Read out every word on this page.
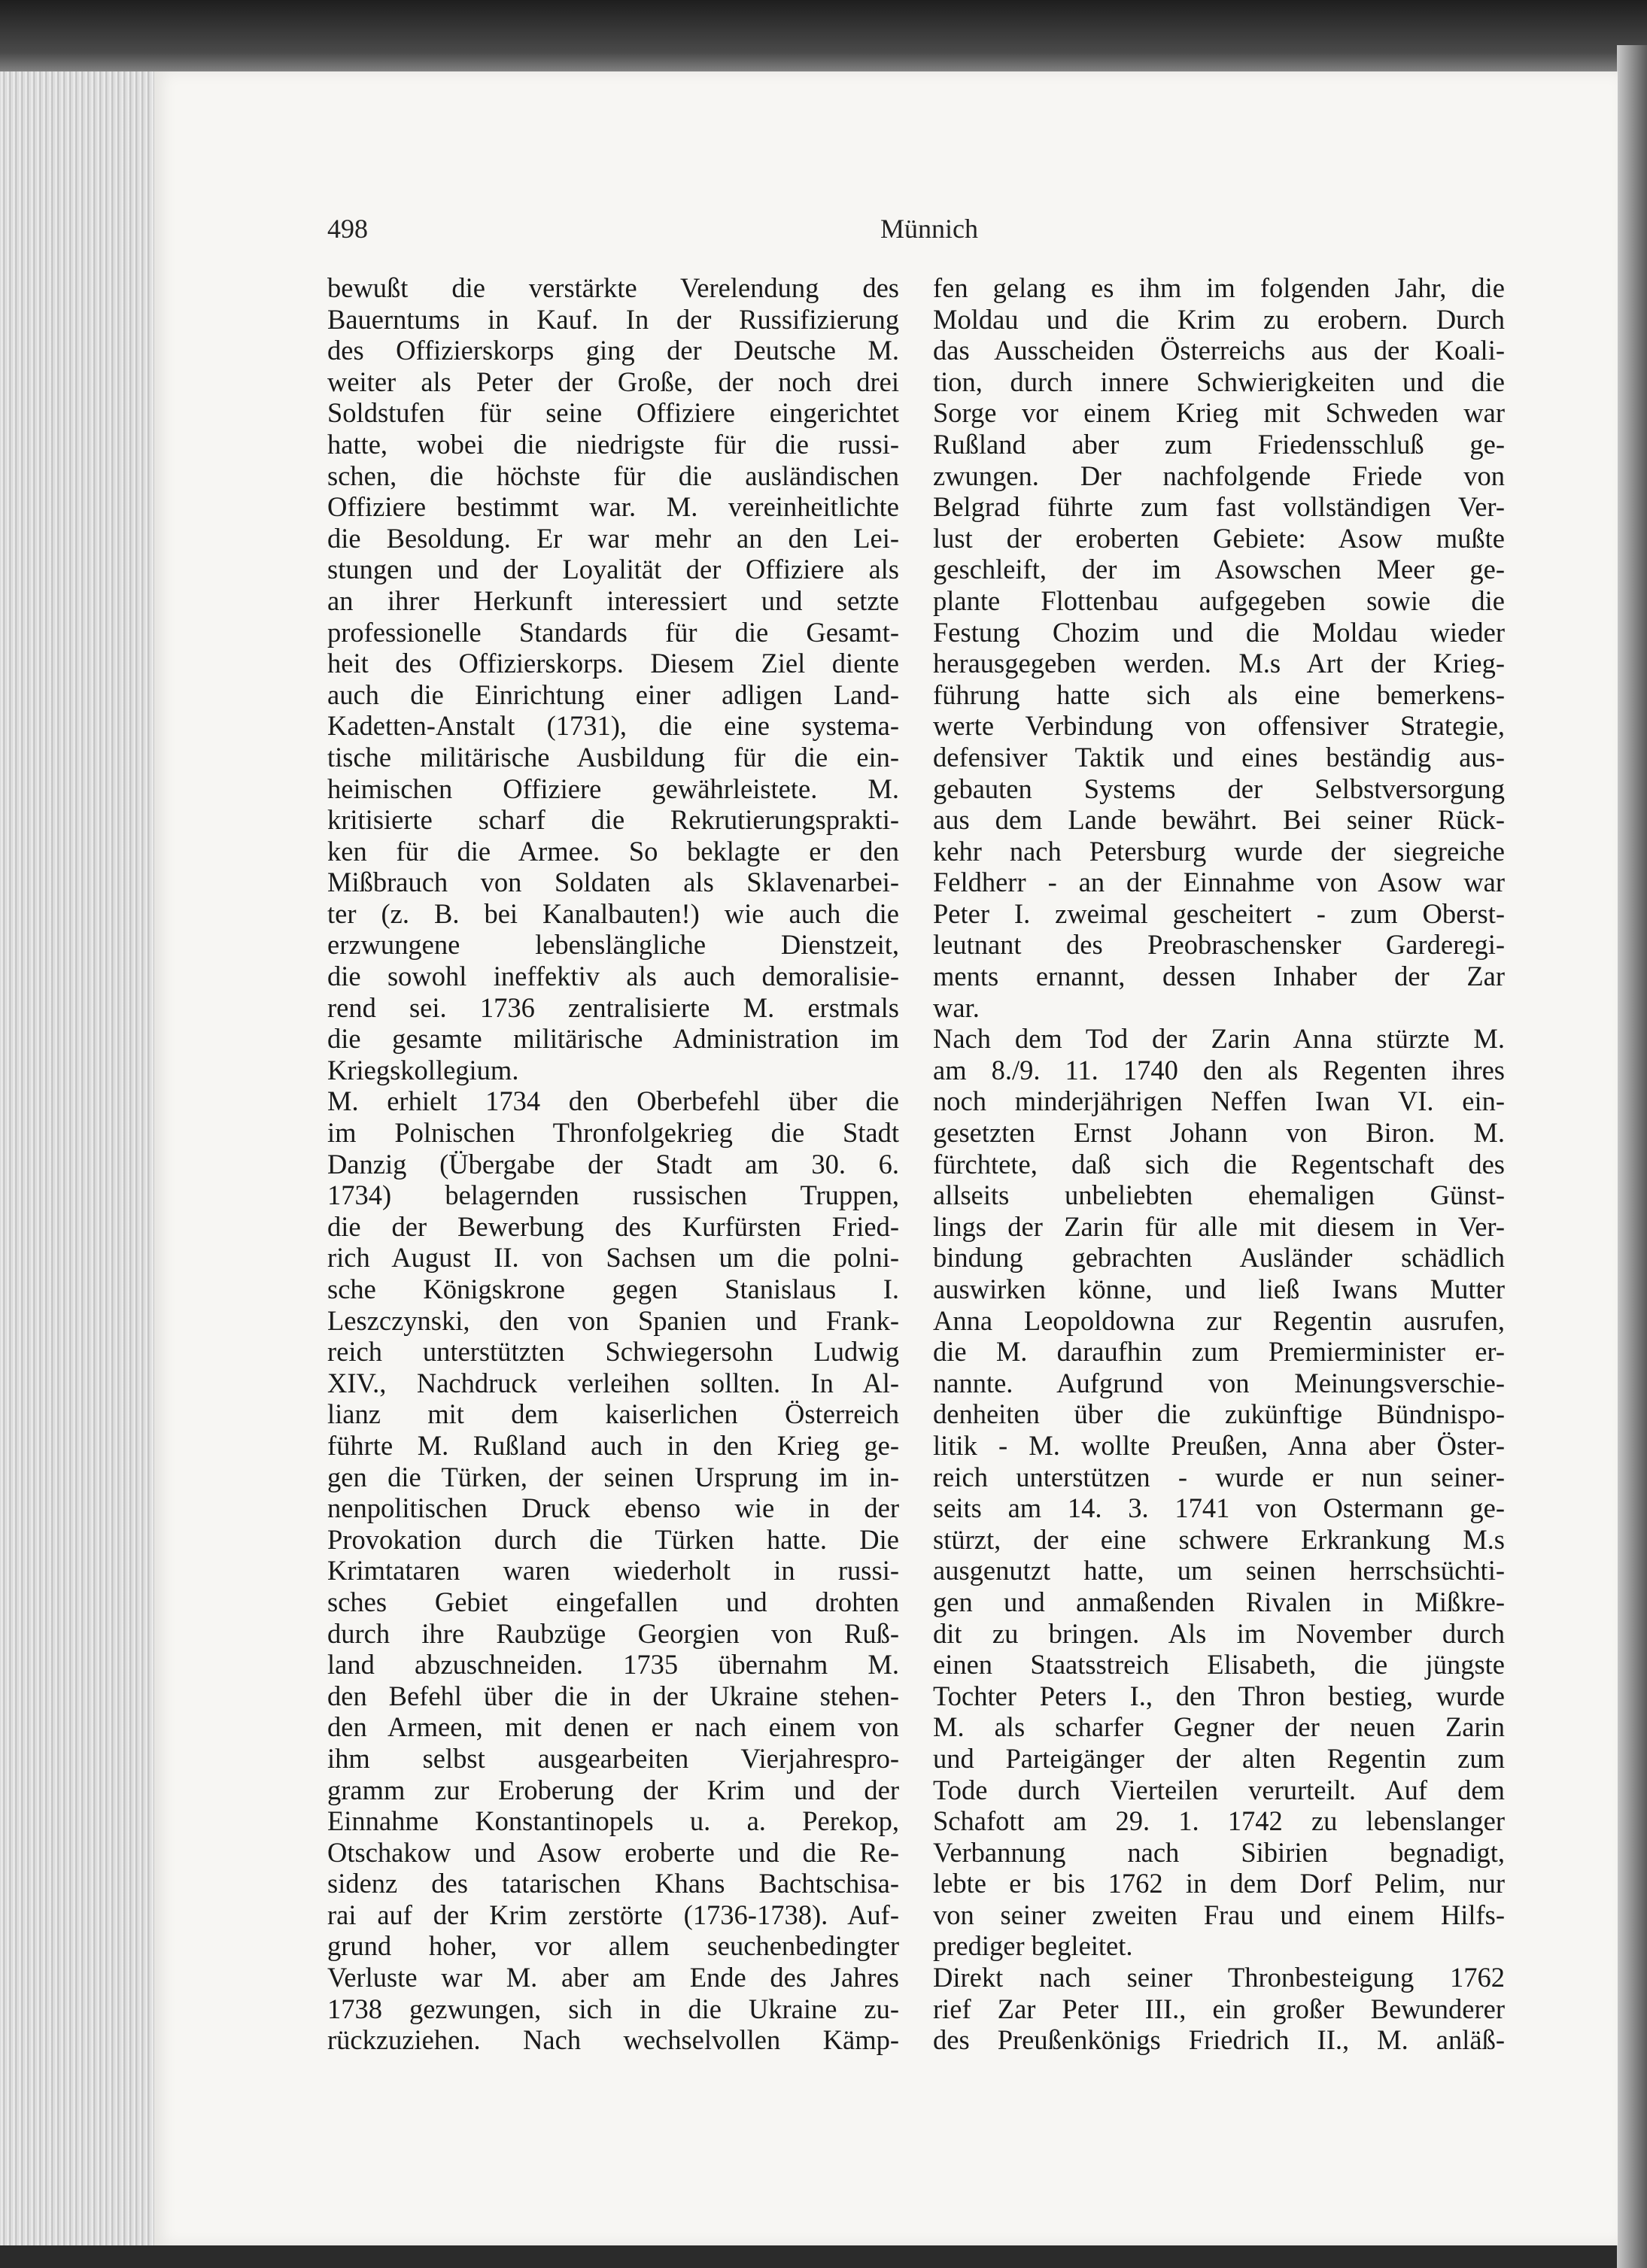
498	Münnich
bewußt die verstärkte Verelendung des
Bauerntums in Kauf. In der Russifizierung
des Offizierskorps ging der Deutsche M.
weiter als Peter der Große, der noch drei
Soldstufen für seine Offiziere eingerichtet
hatte, wobei die niedrigste für die russi-
schen, die höchste für die ausländischen
Offiziere bestimmt war. M. vereinheitlichte
die Besoldung. Er war mehr an den Lei-
stungen und der Loyalität der Offiziere als
an ihrer Herkunft interessiert und setzte
professionelle Standards für die Gesamt-
heit des Offizierskorps. Diesem Ziel diente
auch die Einrichtung einer adligen Land-
Kadetten-Anstalt (1731), die eine systema-
tische militärische Ausbildung für die ein-
heimischen Offiziere gewährleistete. M.
kritisierte scharf die Rekrutierungsprakti-
ken für die Armee. So beklagte er den
Mißbrauch von Soldaten als Sklavenarbei-
ter (z. B. bei Kanalbauten!) wie auch die
erzwungene lebenslängliche Dienstzeit,
die sowohl ineffektiv als auch demoralisie-
rend sei. 1736 zentralisierte M. erstmals
die gesamte militärische Administration im
Kriegskollegium.
M. erhielt 1734 den Oberbefehl über die
im Polnischen Thronfolgekrieg die Stadt
Danzig (Übergabe der Stadt am 30. 6.
1734) belagernden russischen Truppen,
die der Bewerbung des Kurfürsten Fried-
rich August II. von Sachsen um die polni-
sche Königskrone gegen Stanislaus I.
Leszczynski, den von Spanien und Frank-
reich unterstützten Schwiegersohn Ludwig
XIV., Nachdruck verleihen sollten. In Al-
lianz mit dem kaiserlichen Österreich
führte M. Rußland auch in den Krieg ge-
gen die Türken, der seinen Ursprung im in-
nenpolitischen Druck ebenso wie in der
Provokation durch die Türken hatte. Die
Krimtataren waren wiederholt in russi-
sches Gebiet eingefallen und drohten
durch ihre Raubzüge Georgien von Ruß-
land abzuschneiden. 1735 übernahm M.
den Befehl über die in der Ukraine stehen-
den Armeen, mit denen er nach einem von
ihm selbst ausgearbeiten Vierjahrespro-
gramm zur Eroberung der Krim und der
Einnahme Konstantinopels u. a. Perekop,
Otschakow und Asow eroberte und die Re-
sidenz des tatarischen Khans Bachtschisa-
rai auf der Krim zerstörte (1736-1738). Auf-
grund hoher, vor allem seuchenbedingter
Verluste war M. aber am Ende des Jahres
1738 gezwungen, sich in die Ukraine zu-
rückzuziehen. Nach wechselvollen Kämp-
fen gelang es ihm im folgenden Jahr, die
Moldau und die Krim zu erobern. Durch
das Ausscheiden Österreichs aus der Koali-
tion, durch innere Schwierigkeiten und die
Sorge vor einem Krieg mit Schweden war
Rußland aber zum Friedensschluß ge-
zwungen. Der nachfolgende Friede von
Belgrad führte zum fast vollständigen Ver-
lust der eroberten Gebiete: Asow mußte
geschleift, der im Asowschen Meer ge-
plante Flottenbau aufgegeben sowie die
Festung Chozim und die Moldau wieder
herausgegeben werden. M.s Art der Krieg-
führung hatte sich als eine bemerkens-
werte Verbindung von offensiver Strategie,
defensiver Taktik und eines beständig aus-
gebauten Systems der Selbstversorgung
aus dem Lande bewährt. Bei seiner Rück-
kehr nach Petersburg wurde der siegreiche
Feldherr - an der Einnahme von Asow war
Peter I. zweimal gescheitert - zum Oberst-
leutnant des Preobraschensker Garderegi-
ments ernannt, dessen Inhaber der Zar
war.
Nach dem Tod der Zarin Anna stürzte M.
am 8./9. 11. 1740 den als Regenten ihres
noch minderjährigen Neffen Iwan VI. ein-
gesetzten Ernst Johann von Biron. M.
fürchtete, daß sich die Regentschaft des
allseits unbeliebten ehemaligen Günst-
lings der Zarin für alle mit diesem in Ver-
bindung gebrachten Ausländer schädlich
auswirken könne, und ließ Iwans Mutter
Anna Leopoldowna zur Regentin ausrufen,
die M. daraufhin zum Premierminister er-
nannte. Aufgrund von Meinungsverschie-
denheiten über die zukünftige Bündnispo-
litik - M. wollte Preußen, Anna aber Öster-
reich unterstützen - wurde er nun seiner-
seits am 14. 3. 1741 von Ostermann ge-
stürzt, der eine schwere Erkrankung M.s
ausgenutzt hatte, um seinen herrschsüchti-
gen und anmaßenden Rivalen in Mißkre-
dit zu bringen. Als im November durch
einen Staatsstreich Elisabeth, die jüngste
Tochter Peters I., den Thron bestieg, wurde
M. als scharfer Gegner der neuen Zarin
und Parteigänger der alten Regentin zum
Tode durch Vierteilen verurteilt. Auf dem
Schafott am 29. 1. 1742 zu lebenslanger
Verbannung nach Sibirien begnadigt,
lebte er bis 1762 in dem Dorf Pelim, nur
von seiner zweiten Frau und einem Hilfs-
prediger begleitet.
Direkt nach seiner Thronbesteigung 1762
rief Zar Peter III., ein großer Bewunderer
des Preußenkönigs Friedrich II., M. anläß-
